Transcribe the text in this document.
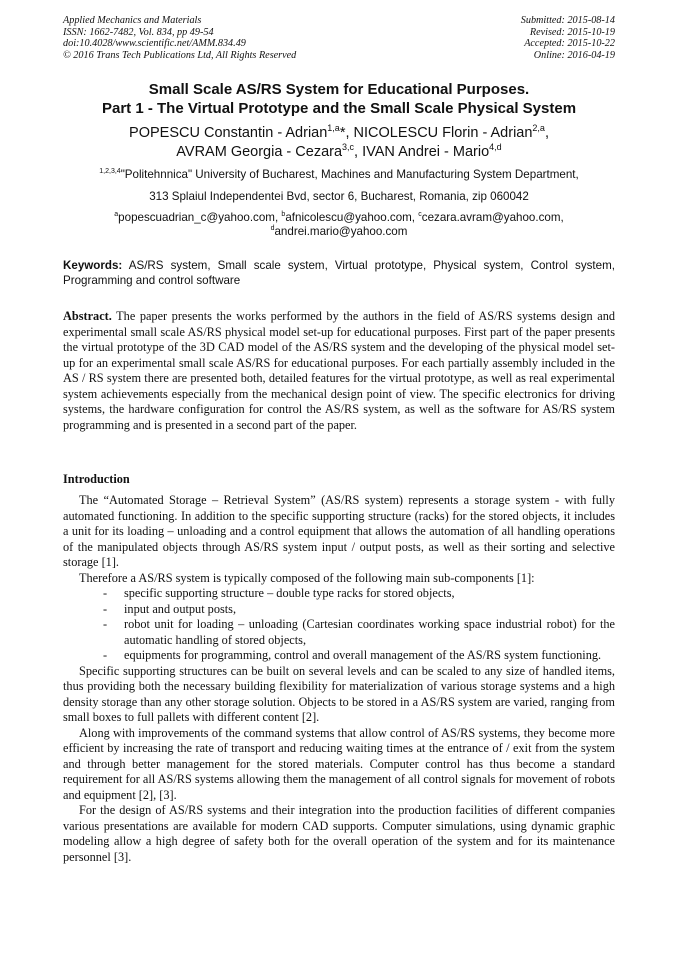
Applied Mechanics and Materials
ISSN: 1662-7482, Vol. 834, pp 49-54
doi:10.4028/www.scientific.net/AMM.834.49
© 2016 Trans Tech Publications Ltd, All Rights Reserved
Submitted: 2015-08-14
Revised: 2015-10-19
Accepted: 2015-10-22
Online: 2016-04-19
Small Scale AS/RS System for Educational Purposes.
Part 1 - The Virtual Prototype and the Small Scale Physical System
POPESCU Constantin - Adrian$^{1,a}$*, NICOLESCU Florin - Adrian$^{2,a}$,
AVRAM Georgia - Cezara$^{3,c}$, IVAN Andrei - Mario$^{4,d}$
$^{1,2,3,4}$"Politehnnica" University of Bucharest, Machines and Manufacturing System Department,
313 Splaiul Independentei Bvd, sector 6, Bucharest, Romania, zip 060042
$^a$popescuadrian_c@yahoo.com, $^b$afnicolescu@yahoo.com, $^c$cezara.avram@yahoo.com,
$^d$andrei.mario@yahoo.com
Keywords: AS/RS system, Small scale system, Virtual prototype, Physical system, Control system, Programming and control software
Abstract. The paper presents the works performed by the authors in the field of AS/RS systems design and experimental small scale AS/RS physical model set-up for educational purposes. First part of the paper presents the virtual prototype of the 3D CAD model of the AS/RS system and the developing of the physical model set-up for an experimental small scale AS/RS for educational purposes. For each partially assembly included in the AS / RS system there are presented both, detailed features for the virtual prototype, as well as real experimental system achievements especially from the mechanical design point of view. The specific electronics for driving systems, the hardware configuration for control the AS/RS system, as well as the software for AS/RS system programming and is presented in a second part of the paper.
Introduction

The “Automated Storage – Retrieval System” (AS/RS system) represents a storage system - with fully automated functioning. In addition to the specific supporting structure (racks) for the stored objects, it includes a unit for its loading – unloading and a control equipment that allows the automation of all handling operations of the manipulated objects through AS/RS system input / output posts, as well as their sorting and selective storage [1].

Therefore a AS/RS system is typically composed of the following main sub-components [1]:

- specific supporting structure – double type racks for stored objects,
- input and output posts,
- robot unit for loading – unloading (Cartesian coordinates working space industrial robot) for the automatic handling of stored objects,
- equipments for programming, control and overall management of the AS/RS system functioning.

Specific supporting structures can be built on several levels and can be scaled to any size of handled items, thus providing both the necessary building flexibility for materialization of various storage systems and a high density storage than any other storage solution. Objects to be stored in a AS/RS system are varied, ranging from small boxes to full pallets with different content [2].

Along with improvements of the command systems that allow control of AS/RS systems, they become more efficient by increasing the rate of transport and reducing waiting times at the entrance of / exit from the system and through better management for the stored materials. Computer control has thus become a standard requirement for all AS/RS systems allowing them the management of all control signals for movement of robots and equipment [2], [3].

For the design of AS/RS systems and their integration into the production facilities of different companies various presentations are available for modern CAD supports. Computer simulations, using dynamic graphic modeling allow a high degree of safety both for the overall operation of the system and for its maintenance personnel [3].
